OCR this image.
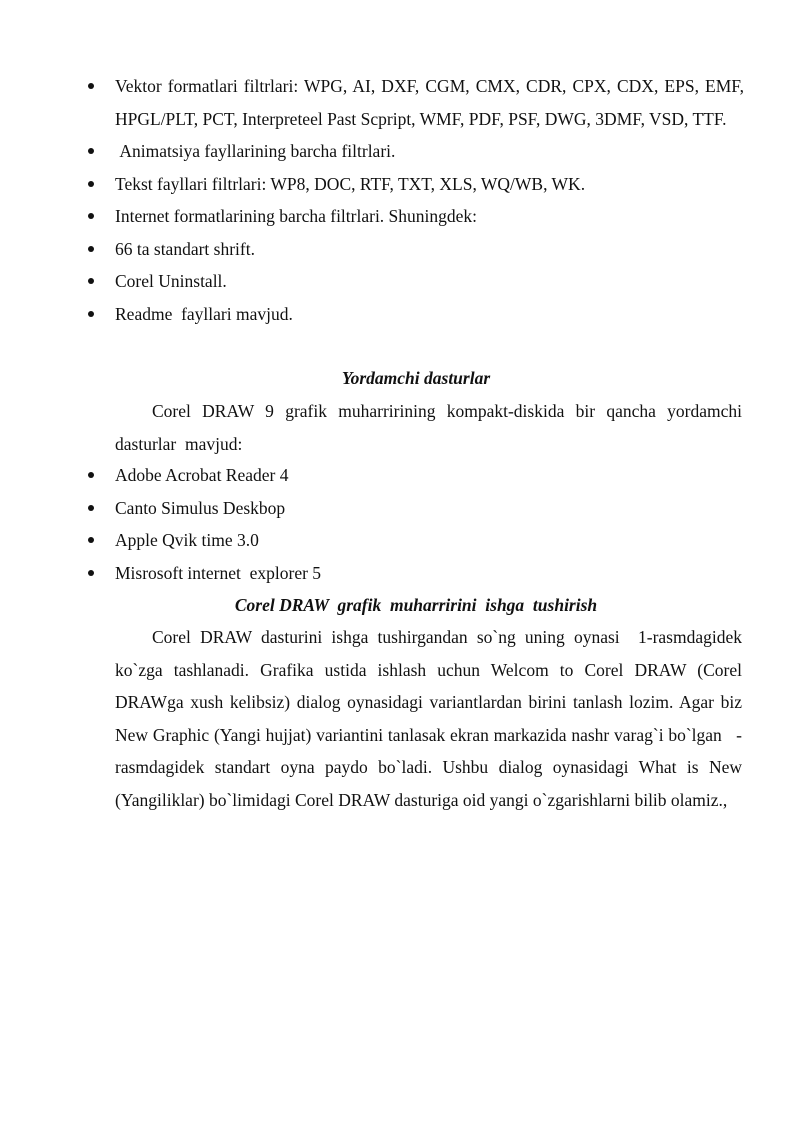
Vektor formatlari filtrlari: WPG, AI, DXF, CGM, CMX, CDR, CPX, CDX, EPS, EMF, HPGL/PLT, PCT, Interpreteel Past Scpript, WMF, PDF, PSF, DWG, 3DMF, VSD, TTF.
Animatsiya fayllarining barcha filtrlari.
Tekst fayllari filtrlari: WP8, DOC, RTF, TXT, XLS, WQ/WB, WK.
Internet formatlarining barcha filtrlari. Shuningdek:
66 ta standart shrift.
Corel Uninstall.
Readme  fayllari mavjud.
Yordamchi dasturlar

Corel DRAW 9 grafik muharririning kompakt-diskida bir qancha yordamchi dasturlar  mavjud:

Adobe Acrobat Reader 4
Canto Simulus Deskbop
Apple Qvik time 3.0
Misrosoft internet  explorer 5
Corel DRAW  grafik  muharririni  ishga  tushirish

Corel DRAW dasturini ishga tushirgandan so`ng uning oynasi  1-rasmdagidek ko`zga tashlanadi. Grafika ustida ishlash uchun Welcom to Corel DRAW (Corel DRAWga xush kelibsiz) dialog oynasidagi variantlardan birini tanlash lozim. Agar biz New Graphic (Yangi hujjat) variantini tanlasak ekran markazida nashr varag`i bo`lgan   - rasmdagidek standart oyna paydo bo`ladi. Ushbu dialog oynasidagi What is New (Yangiliklar) bo`limidagi Corel DRAW dasturiga oid yangi o`zgarishlarni bilib olamiz.,
